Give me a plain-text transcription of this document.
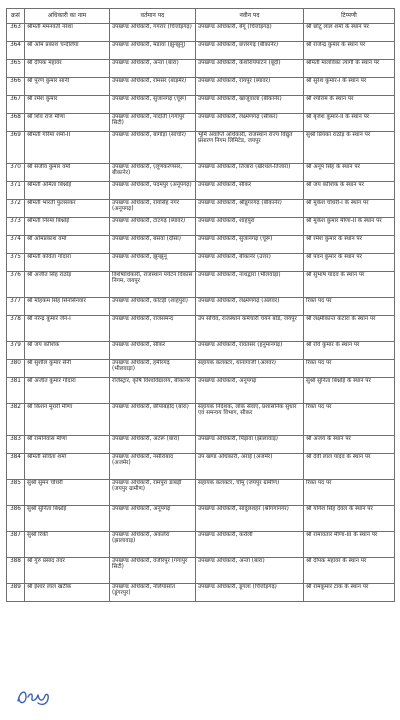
क्रसं	अधिकारी का नाम	वर्तमान पद	नवीन पद	टिप्पणी
363	श्रीमती ममनवती नरेशा	उपखण्ड अधिकारी, गंगरार (चित्तौड़गढ़)	उपखण्ड अधिकारी, बेगूं (चित्तौड़गढ़)	श्री छोटू लाल शर्मा के स्थान पर
364	श्री ओम प्रकाश चन्देलिया	उपखण्ड अधिकारी, मंडावा (झुन्झुनू)	उपखण्ड अधिकारी, छत्तरगढ़ (बीकानेर)	श्री राजेन्द्र कुमार के स्थान पर
365	श्री दीपक महावर	उपखण्ड अधिकारी, अन्ता (बारां)	उपखण्ड अधिकारी, केशोरायपाटन (बूंदी)	श्रीमती मालविका त्यागी के स्थान पर
366	श्री पूरण कुमार सानी	उपखण्ड अधिकारी, रामसर (बाड़मेर)	उपखण्ड अधिकारी, रायपुर (ब्यावर)	श्री सुरेश कुमार-I के स्थान पर
367	श्री रमेश कुमार	उपखण्ड अधिकारी, सुजानगढ़ (चूरू)	उपखण्ड अधिकारी, खाजूवाला (बीकानेर)	श्री श्योराम के स्थान पर
368	श्री शिव राज मीणा	उपखण्ड अधिकारी, नादोती (गंगापुर सिटी)	उपखण्ड अधिकारी, लक्ष्मणगढ़ (सीकर)	श्री बृजेश कुमार-II के स्थान पर
369	श्रीमती गरिमा शर्मा-II	उपखण्ड अधिकारी, बागोड़ा (सांचोर)	भूमि अवाप्ति अधिकारी, राजस्थान राज्य विद्युत प्रसारण निगम लिमिटेड, जयपुर	सुश्री प्रियंका राठौड़ के स्थान पर
370	श्री संजीव कुमार वर्मा	उपखण्ड अधिकारी, (लूणकरणसर, बीकानेर)	उपखण्ड अधिकारी, तिजारा (खैरथल-तिजारा)	श्री अनूप सिंह के स्थान पर
371	श्रीमती अमिता बिश्नोई	उपखण्ड अधिकारी, पदमपुर (अनूपगढ़)	उपखण्ड अधिकारी, सीकर	श्री जय कौशिक के स्थान पर
372	श्रीमती भारती फुलसकर	उपखण्ड अधिकारी, रायसिंह नगर (अनूपगढ़)	उपखण्ड अधिकारी, श्रीडूंगरगढ़ (बीकानेर)	श्री मुकेश चौधरी-I के स्थान पर
373	श्रीमती निरमा बिश्नोई	उपखण्ड अधिकारी, टाटगढ़ (ब्यावर)	उपखण्ड अधिकारी, शाहपुरा	श्री मुकेश कुमार मीणा-II के स्थान पर
374	श्री ओमप्रकाश वर्मा	उपखण्ड अधिकारी, बसवा (दौसा)	उपखण्ड अधिकारी, सुजानगढ़ (चूरू)	श्री रमेश कुमार के स्थान पर
375	श्रीमती कविता गोदारा	उपखण्ड अधिकारी, झुन्झुनू	उपखण्ड अधिकारी, बीकानेर (उत्तर)	श्री पवन कुमार के स्थान पर
376	श्री अजीत सिंह राठौड़	विशेषाधिकारी, राजस्थान पर्यटन विकास निगम, जयपुर	उपखण्ड अधिकारी, नाथद्वारा (भीलवाड़ा)	श्री सुभाष यादव के स्थान पर
377	श्री मोहकम सिंह सिनसिनवार	उपखण्ड अधिकारी, कोटड़ी (शाहपुरा)	उपखण्ड अधिकारी, लक्ष्मणगढ़ (अलवर)	रिक्त पद पर
378	श्री नरेन्द्र कुमार जैन-I	उपखण्ड अधिकारी, राजसमन्द	उप सचिव, राजस्थान कर्मचारी चयन बोर्ड, जयपुर	श्री लक्ष्मीकान्त कटारा के स्थान पर
379	श्री जय कौशिक	उपखण्ड अधिकारी, सीकर	उपखण्ड अधिकारी, रावतसर (हनुमानगढ़)	श्री रवि कुमार के स्थान पर
380	श्री सुशील कुमार सैनी	उपखण्ड अधिकारी, हमीरगढ़ (भीलवाड़ा)	सहायक कलक्टर, थानागाजी (अलवर)	रिक्त पद पर
381	श्री अजीत कुमार गोदारा	रजिस्ट्रार, कृषि विश्वविद्यालय, बीकानेर	उपखण्ड अधिकारी, अनूपगढ़	सुश्री सुनिता बिश्नोई के स्थान पर
382	श्री किशन मुरारी मीणा	उपखण्ड अधिकारी, छीपाबड़ौद (बारां)	सहायक निदेशक, लोक सेवाएं, प्रशासनिक सुधार एवं समन्वय विभाग, सीकर	रिक्त पद पर
383	श्री रामनिवास मीणा	उपखण्ड अधिकारी, अटरू (बारां)	उपखण्ड अधिकारी, पिड़ावा (झालावाड़)	श्री अजय के स्थान पर
384	श्रीमती सविता शर्मा	उपखण्ड अधिकारी, नसीराबाद (अजमेर)	उप खण्ड अधिकारी, अराई (अजमेर)	श्री देवी लाल यादव के स्थान पर
385	सुश्री सुमन चौधरी	उपखण्ड अधिकारी, रामपुरा डाबड़ी (जयपुर ग्रामीण)	सहायक कलक्टर, चौमूं (जयपुर ग्रामीण)	रिक्त पद पर
386	सुश्री सुनिता बिश्नोई	उपखण्ड अधिकारी, अनूपगढ़	उपखण्ड अधिकारी, सादुलशहर (श्रीगंगानगर)	श्री योगेश सिंह देवल के स्थान पर
387	सुश्री रिंकी	उपखण्ड अधिकारी, अकलेरा (झालावाड़)	उपखण्ड अधिकारी, करौली	श्री रामावतार मीणा-III के स्थान पर
388	श्री गुरु प्रसाद तंवर	उपखण्ड अधिकारी, वजीरपुर (गंगापुर सिटी)	उपखण्ड अधिकारी, अन्ता (बारां)	श्री दीपक महावर के स्थान पर
389	श्री ईश्वर लाल खटीक	उपखण्ड अधिकारी, नलियासोत (डूंगरपुर)	उपखण्ड अधिकारी, डूंगला (चित्तौड़गढ़)	श्री रामकुमार टाक के स्थान पर
